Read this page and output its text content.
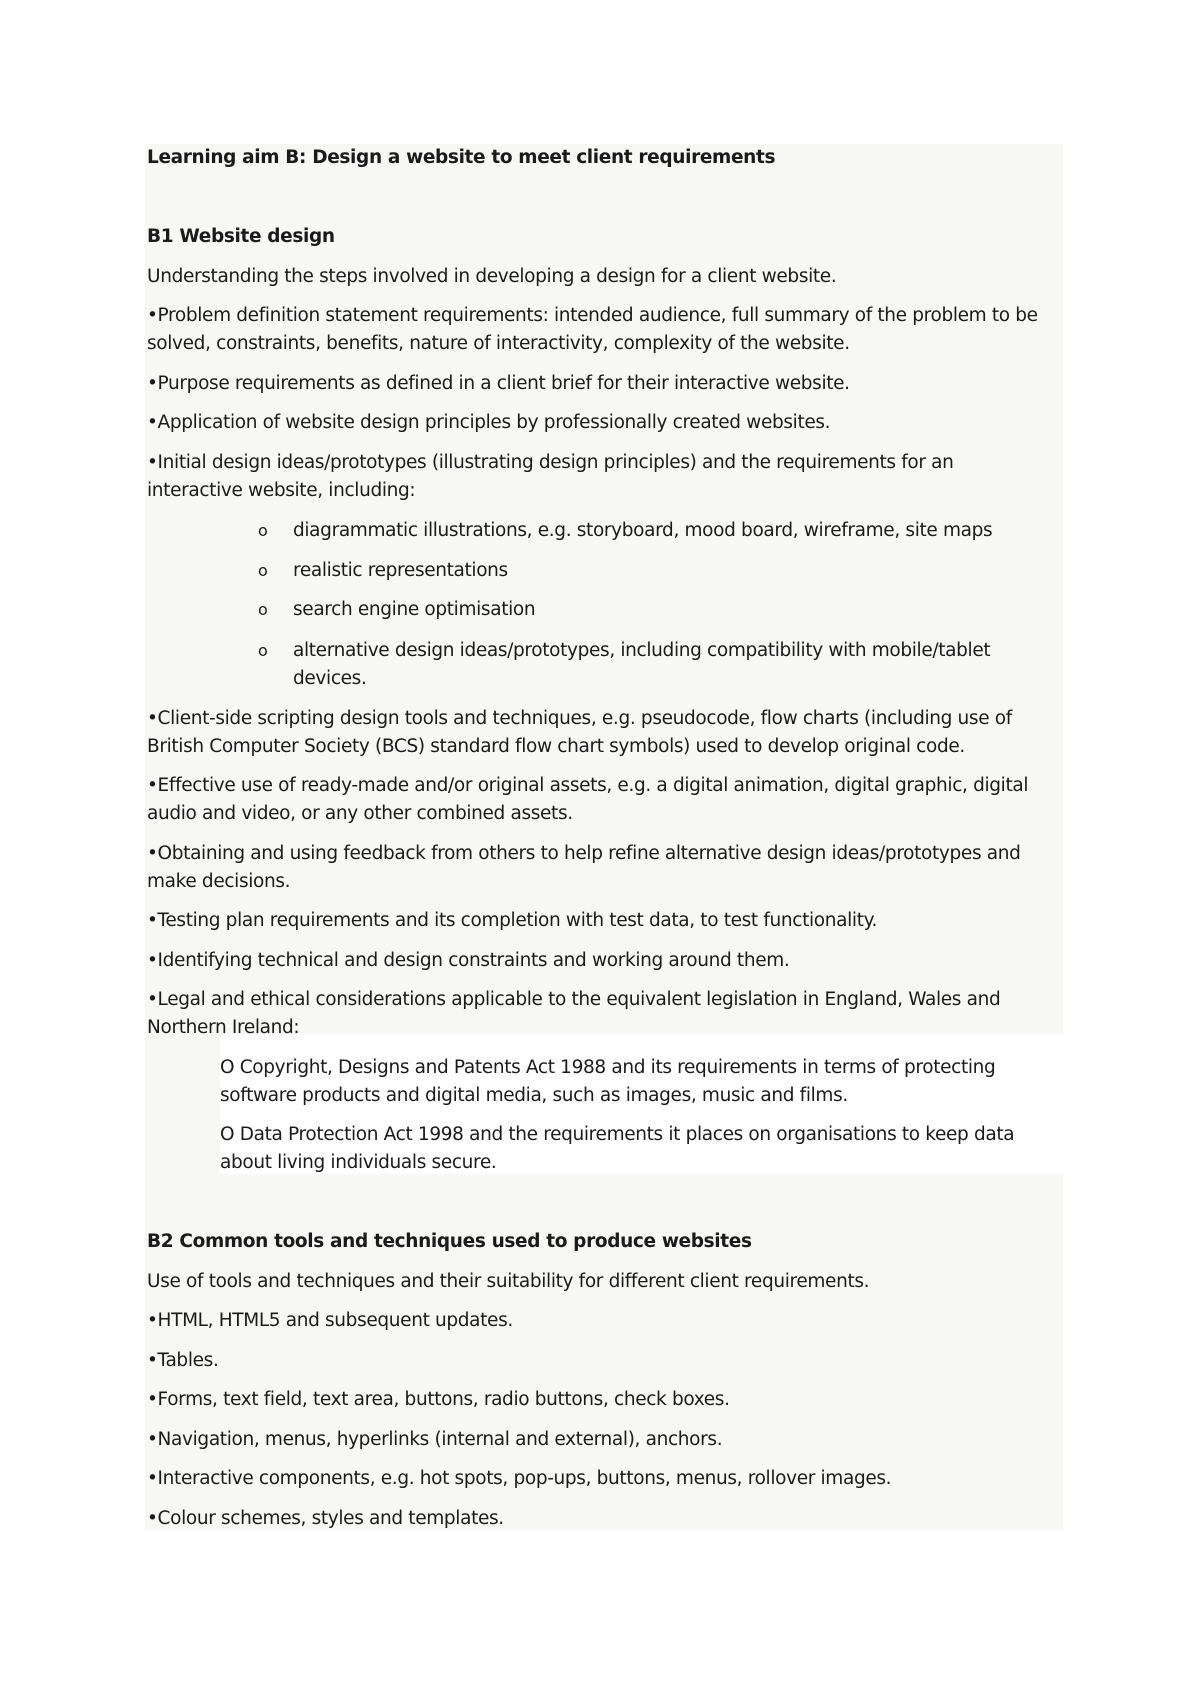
Learning aim B: Design a website to meet client requirements
B1 Website design
Understanding the steps involved in developing a design for a client website.
•Problem definition statement requirements: intended audience, full summary of the problem to be
solved, constraints, benefits, nature of interactivity, complexity of the website.
•Purpose requirements as defined in a client brief for their interactive website.
•Application of website design principles by professionally created websites.
•Initial design ideas/prototypes (illustrating design principles) and the requirements for an
interactive website, including:
o diagrammatic illustrations, e.g. storyboard, mood board, wireframe, site maps
o realistic representations
o search engine optimisation
o alternative design ideas/prototypes, including compatibility with mobile/tablet
devices.
•Client-side scripting design tools and techniques, e.g. pseudocode, flow charts (including use of
British Computer Society (BCS) standard flow chart symbols) used to develop original code.
•Effective use of ready-made and/or original assets, e.g. a digital animation, digital graphic, digital
audio and video, or any other combined assets.
•Obtaining and using feedback from others to help refine alternative design ideas/prototypes and
make decisions.
•Testing plan requirements and its completion with test data, to test functionality.
•Identifying technical and design constraints and working around them.
•Legal and ethical considerations applicable to the equivalent legislation in England, Wales and
Northern Ireland:
O Copyright, Designs and Patents Act 1988 and its requirements in terms of protecting
software products and digital media, such as images, music and films.
O Data Protection Act 1998 and the requirements it places on organisations to keep data
about living individuals secure.
B2 Common tools and techniques used to produce websites
Use of tools and techniques and their suitability for different client requirements.
•HTML, HTML5 and subsequent updates.
•Tables.
•Forms, text field, text area, buttons, radio buttons, check boxes.
•Navigation, menus, hyperlinks (internal and external), anchors.
•Interactive components, e.g. hot spots, pop-ups, buttons, menus, rollover images.
•Colour schemes, styles and templates.
